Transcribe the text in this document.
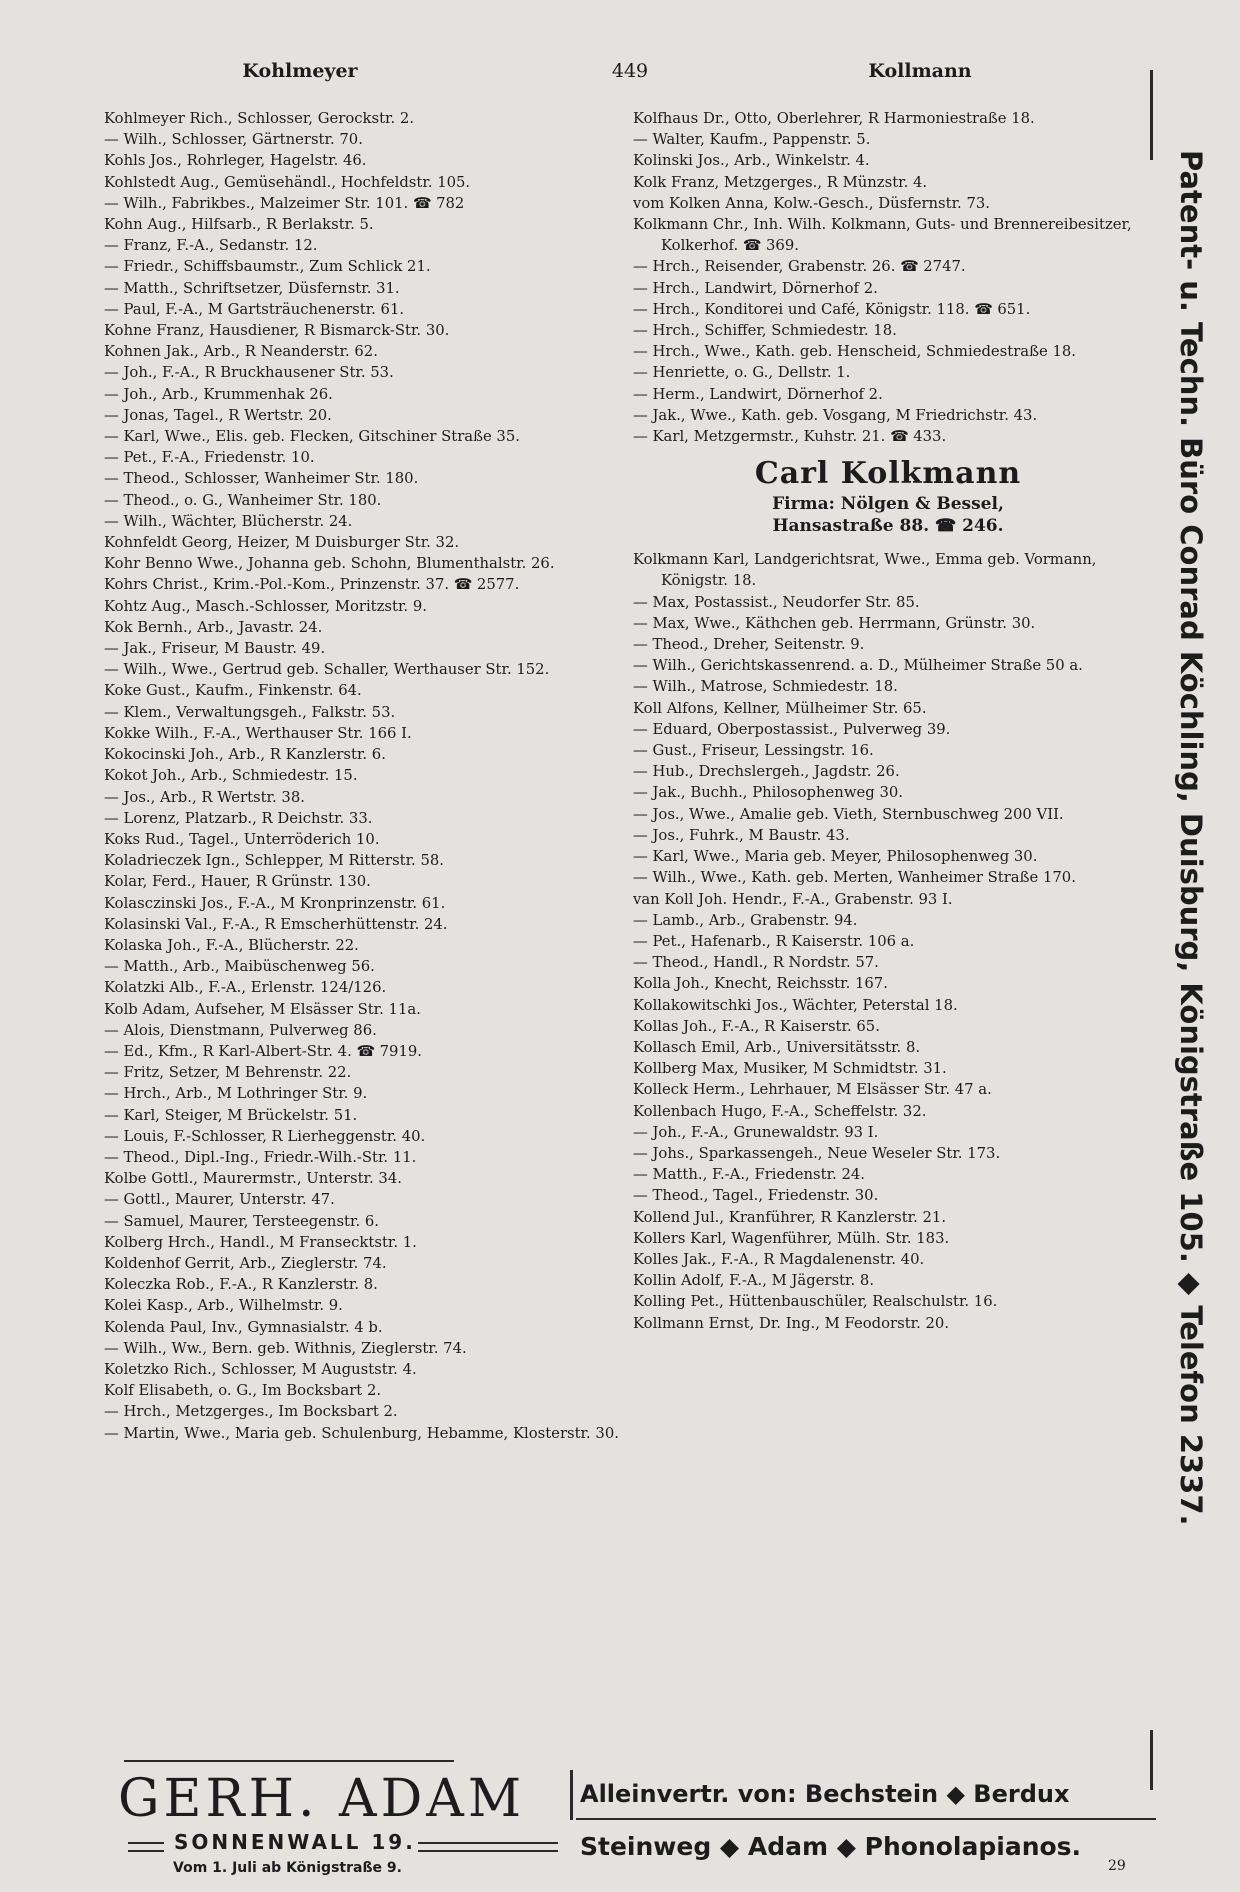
Kohlmeyer	449	Kollmann
Kohlmeyer Rich., Schlosser, Gerockstr. 2.
— Wilh., Schlosser, Gärtnerstr. 70.
Kohls Jos., Rohrleger, Hagelstr. 46.
Kohlstedt Aug., Gemüsehändl., Hochfeldstr. 105.
— Wilh., Fabrikbes., Malzeimer Str. 101. ☎ 782
Kohn Aug., Hilfsarb., R Berlakstr. 5.
— Franz, F.-A., Sedanstr. 12.
— Friedr., Schiffsbaumstr., Zum Schlick 21.
— Matth., Schriftsetzer, Düsfernstr. 31.
— Paul, F.-A., M Gartsträuchenerstr. 61.
Kohne Franz, Hausdiener, R Bismarck-Str. 30.
Kohnen Jak., Arb., R Neanderstr. 62.
— Joh., F.-A., R Bruckhausener Str. 53.
— Joh., Arb., Krummenhak 26.
— Jonas, Tagel., R Wertstr. 20.
— Karl, Wwe., Elis. geb. Flecken, Gitschiner Straße 35.
— Pet., F.-A., Friedenstr. 10.
— Theod., Schlosser, Wanheimer Str. 180.
— Theod., o. G., Wanheimer Str. 180.
— Wilh., Wächter, Blücherstr. 24.
Kohnfeldt Georg, Heizer, M Duisburger Str. 32.
Kohr Benno Wwe., Johanna geb. Schohn, Blumenthalstr. 26.
Kohrs Christ., Krim.-Pol.-Kom., Prinzenstr. 37. ☎ 2577.
Kohtz Aug., Masch.-Schlosser, Moritzstr. 9.
Kok Bernh., Arb., Javastr. 24.
— Jak., Friseur, M Baustr. 49.
— Wilh., Wwe., Gertrud geb. Schaller, Werthauser Str. 152.
Koke Gust., Kaufm., Finkenstr. 64.
— Klem., Verwaltungsgeh., Falkstr. 53.
Kokke Wilh., F.-A., Werthauser Str. 166 I.
Kokocinski Joh., Arb., R Kanzlerstr. 6.
Kokot Joh., Arb., Schmiedestr. 15.
— Jos., Arb., R Wertstr. 38.
— Lorenz, Platzarb., R Deichstr. 33.
Koks Rud., Tagel., Unterröderich 10.
Koladrieczek Ign., Schlepper, M Ritterstr. 58.
Kolar, Ferd., Hauer, R Grünstr. 130.
Kolasczinski Jos., F.-A., M Kronprinzenstr. 61.
Kolasinski Val., F.-A., R Emscherhüttenstr. 24.
Kolaska Joh., F.-A., Blücherstr. 22.
— Matth., Arb., Maibüschenweg 56.
Kolatzki Alb., F.-A., Erlenstr. 124/126.
Kolb Adam, Aufseher, M Elsässer Str. 11a.
— Alois, Dienstmann, Pulverweg 86.
— Ed., Kfm., R Karl-Albert-Str. 4. ☎ 7919.
— Fritz, Setzer, M Behrenstr. 22.
— Hrch., Arb., M Lothringer Str. 9.
— Karl, Steiger, M Brückelstr. 51.
— Louis, F.-Schlosser, R Lierheggenstr. 40.
— Theod., Dipl.-Ing., Friedr.-Wilh.-Str. 11.
Kolbe Gottl., Maurermstr., Unterstr. 34.
— Gottl., Maurer, Unterstr. 47.
— Samuel, Maurer, Tersteegenstr. 6.
Kolberg Hrch., Handl., M Fransecktstr. 1.
Koldenhof Gerrit, Arb., Zieglerstr. 74.
Koleczka Rob., F.-A., R Kanzlerstr. 8.
Kolei Kasp., Arb., Wilhelmstr. 9.
Kolenda Paul, Inv., Gymnasialstr. 4 b.
— Wilh., Ww., Bern. geb. Withnis, Zieglerstr. 74.
Koletzko Rich., Schlosser, M Auguststr. 4.
Kolf Elisabeth, o. G., Im Bocksbart 2.
— Hrch., Metzgerges., Im Bocksbart 2.
— Martin, Wwe., Maria geb. Schulenburg, Hebamme, Klosterstr. 30.
Kolfhaus Dr., Otto, Oberlehrer, R Harmoniestraße 18.
— Walter, Kaufm., Pappenstr. 5.
Kolinski Jos., Arb., Winkelstr. 4.
Kolk Franz, Metzgerges., R Münzstr. 4.
vom Kolken Anna, Kolw.-Gesch., Düsfernstr. 73.
Kolkmann Chr., Inh. Wilh. Kolkmann, Guts- und Brennereibesitzer, Kolkerhof. ☎ 369.
— Hrch., Reisender, Grabenstr. 26. ☎ 2747.
— Hrch., Landwirt, Dörnerhof 2.
— Hrch., Konditorei und Café, Königstr. 118. ☎ 651.
— Hrch., Schiffer, Schmiedestr. 18.
— Hrch., Wwe., Kath. geb. Henscheid, Schmiedestraße 18.
— Henriette, o. G., Dellstr. 1.
— Herm., Landwirt, Dörnerhof 2.
— Jak., Wwe., Kath. geb. Vosgang, M Friedrichstr. 43.
— Karl, Metzgermstr., Kuhstr. 21. ☎ 433.
Carl Kolkmann
Firma: Nölgen & Bessel,
Hansastraße 88. ☎ 246.
Kolkmann Karl, Landgerichtsrat, Wwe., Emma geb. Vormann, Königstr. 18.
— Max, Postassist., Neudorfer Str. 85.
— Max, Wwe., Käthchen geb. Herrmann, Grünstr. 30.
— Theod., Dreher, Seitenstr. 9.
— Wilh., Gerichtskassenrend. a. D., Mülheimer Straße 50 a.
— Wilh., Matrose, Schmiedestr. 18.
Koll Alfons, Kellner, Mülheimer Str. 65.
— Eduard, Oberpostassist., Pulverweg 39.
— Gust., Friseur, Lessingstr. 16.
— Hub., Drechslergeh., Jagdstr. 26.
— Jak., Buchh., Philosophenweg 30.
— Jos., Wwe., Amalie geb. Vieth, Sternbuschweg 200 VII.
— Jos., Fuhrk., M Baustr. 43.
— Karl, Wwe., Maria geb. Meyer, Philosophenweg 30.
— Wilh., Wwe., Kath. geb. Merten, Wanheimer Straße 170.
van Koll Joh. Hendr., F.-A., Grabenstr. 93 I.
— Lamb., Arb., Grabenstr. 94.
— Pet., Hafenarb., R Kaiserstr. 106 a.
— Theod., Handl., R Nordstr. 57.
Kolla Joh., Knecht, Reichsstr. 167.
Kollakowitschki Jos., Wächter, Peterstal 18.
Kollas Joh., F.-A., R Kaiserstr. 65.
Kollasch Emil, Arb., Universitätsstr. 8.
Kollberg Max, Musiker, M Schmidtstr. 31.
Kolleck Herm., Lehrhauer, M Elsässer Str. 47 a.
Kollenbach Hugo, F.-A., Scheffelstr. 32.
— Joh., F.-A., Grunewaldstr. 93 I.
— Johs., Sparkassengeh., Neue Weseler Str. 173.
— Matth., F.-A., Friedenstr. 24.
— Theod., Tagel., Friedenstr. 30.
Kollend Jul., Kranführer, R Kanzlerstr. 21.
Kollers Karl, Wagenführer, Mülh. Str. 183.
Kolles Jak., F.-A., R Magdalenenstr. 40.
Kollin Adolf, F.-A., M Jägerstr. 8.
Kolling Pet., Hüttenbauschüler, Realschulstr. 16.
Kollmann Ernst, Dr. Ing., M Feodorstr. 20.	Patent- u. Techn. Büro Conrad Köchling, Duisburg, Königstraße 105. ◆ Telefon 2337.
GERH. ADAM
SONNENWALL 19.
Vom 1. Juli ab Königstraße 9.
Alleinvertr. von: Bechstein ◆ Berdux
Steinweg ◆ Adam ◆ Phonolapianos.
29
